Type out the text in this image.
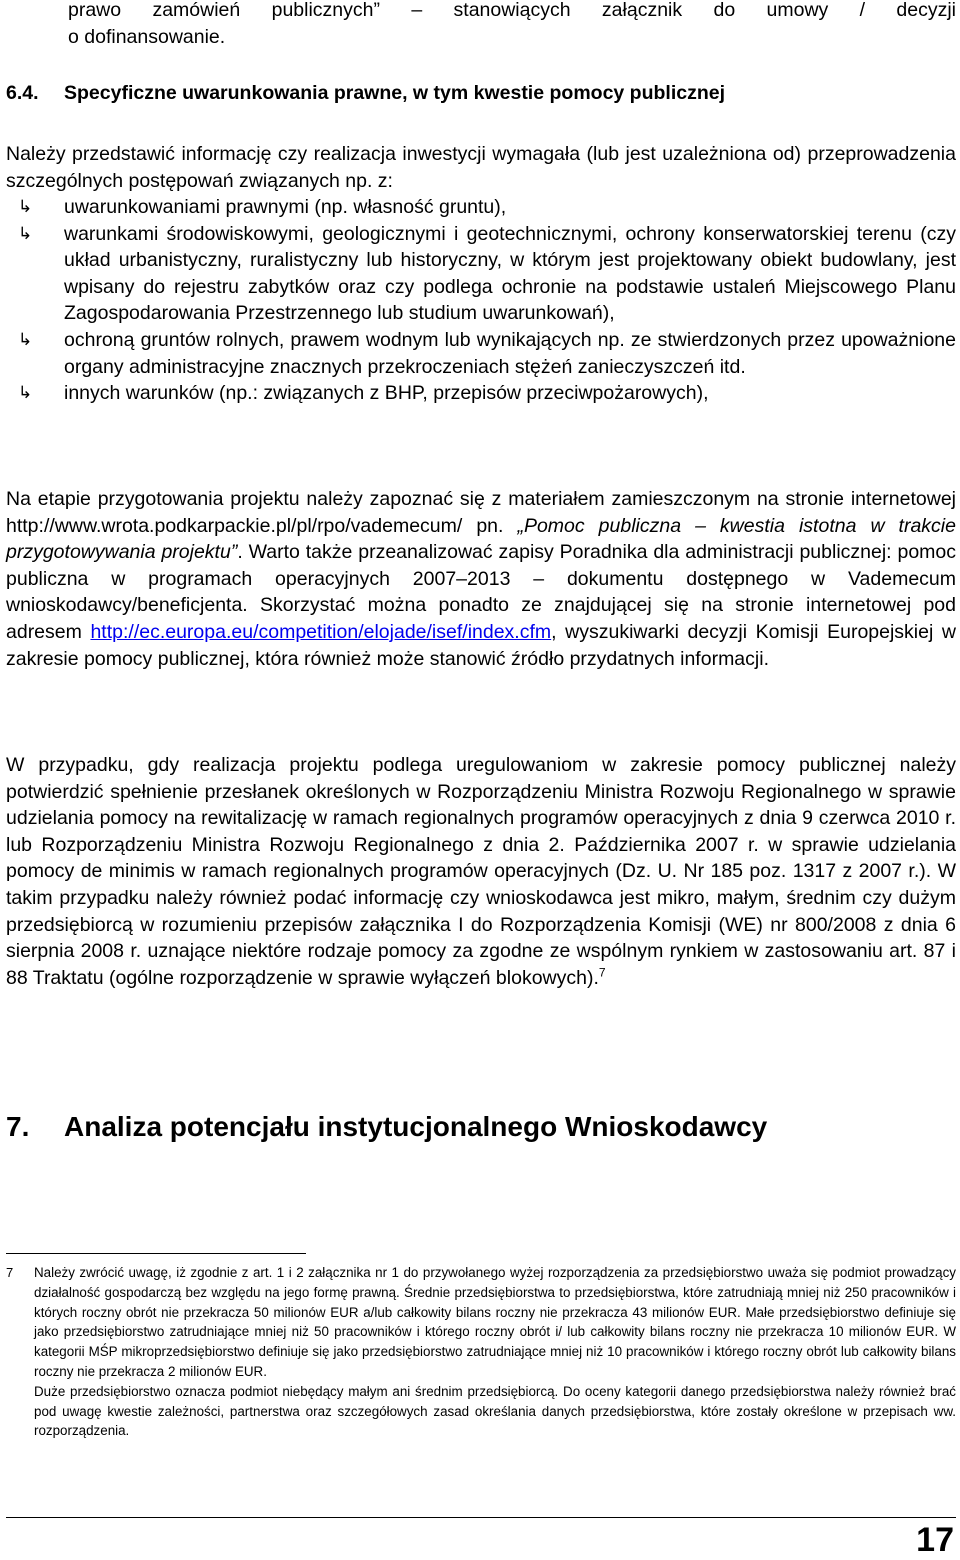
prawo zamówień publicznych” – stanowiących załącznik do umowy / decyzji

o dofinansowanie.

6.4. Specyficzne uwarunkowania prawne, w tym kwestie pomocy publicznej

Należy przedstawić informację czy realizacja inwestycji wymagała (lub jest uzależniona od) przeprowadzenia szczególnych postępowań związanych np. z:

↳ uwarunkowaniami prawnymi (np. własność gruntu),

↳ warunkami środowiskowymi, geologicznymi i geotechnicznymi, ochrony konserwatorskiej terenu (czy układ urbanistyczny, ruralistyczny lub historyczny, w którym jest projektowany obiekt budowlany, jest wpisany do rejestru zabytków oraz czy podlega ochronie na podstawie ustaleń Miejscowego Planu Zagospodarowania Przestrzennego lub studium uwarunkowań),

↳ ochroną gruntów rolnych, prawem wodnym lub wynikających np. ze stwierdzonych przez upoważnione organy administracyjne znacznych przekroczeniach stężeń zanieczyszczeń itd.

↳ innych warunków (np.: związanych z BHP, przepisów przeciwpożarowych),

Na etapie przygotowania projektu należy zapoznać się z materiałem zamieszczonym na stronie internetowej http://www.wrota.podkarpackie.pl/pl/rpo/vademecum/ pn. „Pomoc publiczna – kwestia istotna w trakcie przygotowywania projektu”. Warto także przeanalizować zapisy Poradnika dla administracji publicznej: pomoc publiczna w programach operacyjnych 2007–2013 – dokumentu dostępnego w Vademecum wnioskodawcy/beneficjenta. Skorzystać można ponadto ze znajdującej się na stronie internetowej pod adresem http://ec.europa.eu/competition/elojade/isef/index.cfm, wyszukiwarki decyzji Komisji Europejskiej w zakresie pomocy publicznej, która również może stanowić źródło przydatnych informacji.

W przypadku, gdy realizacja projektu podlega uregulowaniom w zakresie pomocy publicznej należy potwierdzić spełnienie przesłanek określonych w Rozporządzeniu Ministra Rozwoju Regionalnego w sprawie udzielania pomocy na rewitalizację w ramach regionalnych programów operacyjnych z dnia 9 czerwca 2010 r. lub Rozporządzeniu Ministra Rozwoju Regionalnego z dnia 2. Października 2007 r. w sprawie udzielania pomocy de minimis w ramach regionalnych programów operacyjnych (Dz. U. Nr 185 poz. 1317 z 2007 r.). W takim przypadku należy również podać informację czy wnioskodawca jest mikro, małym, średnim czy dużym przedsiębiorcą w rozumieniu przepisów załącznika I do Rozporządzenia Komisji (WE) nr 800/2008 z dnia 6 sierpnia 2008 r. uznające niektóre rodzaje pomocy za zgodne ze wspólnym rynkiem w zastosowaniu art. 87 i 88 Traktatu (ogólne rozporządzenie w sprawie wyłączeń blokowych).$^7$

7. Analiza potencjału instytucjonalnego Wnioskodawcy
7 Należy zwrócić uwagę, iż zgodnie z art. 1 i 2 załącznika nr 1 do przywołanego wyżej rozporządzenia za przedsiębiorstwo uważa się podmiot prowadzący działalność gospodarczą bez względu na jego formę prawną. Średnie przedsiębiorstwa to przedsiębiorstwa, które zatrudniają mniej niż 250 pracowników i których roczny obrót nie przekracza 50 milionów EUR a/lub całkowity bilans roczny nie przekracza 43 milionów EUR. Małe przedsiębiorstwo definiuje się jako przedsiębiorstwo zatrudniające mniej niż 50 pracowników i którego roczny obrót i/ lub całkowity bilans roczny nie przekracza 10 milionów EUR. W kategorii MŚP mikroprzedsiębiorstwo definiuje się jako przedsiębiorstwo zatrudniające mniej niż 10 pracowników i którego roczny obrót lub całkowity bilans roczny nie przekracza 2 milionów EUR.

Duże przedsiębiorstwo oznacza podmiot niebędący małym ani średnim przedsiębiorcą. Do oceny kategorii danego przedsiębiorstwa należy również brać pod uwagę kwestie zależności, partnerstwa oraz szczegółowych zasad określania danych przedsiębiorstwa, które zostały określone w przepisach ww. rozporządzenia.

17
